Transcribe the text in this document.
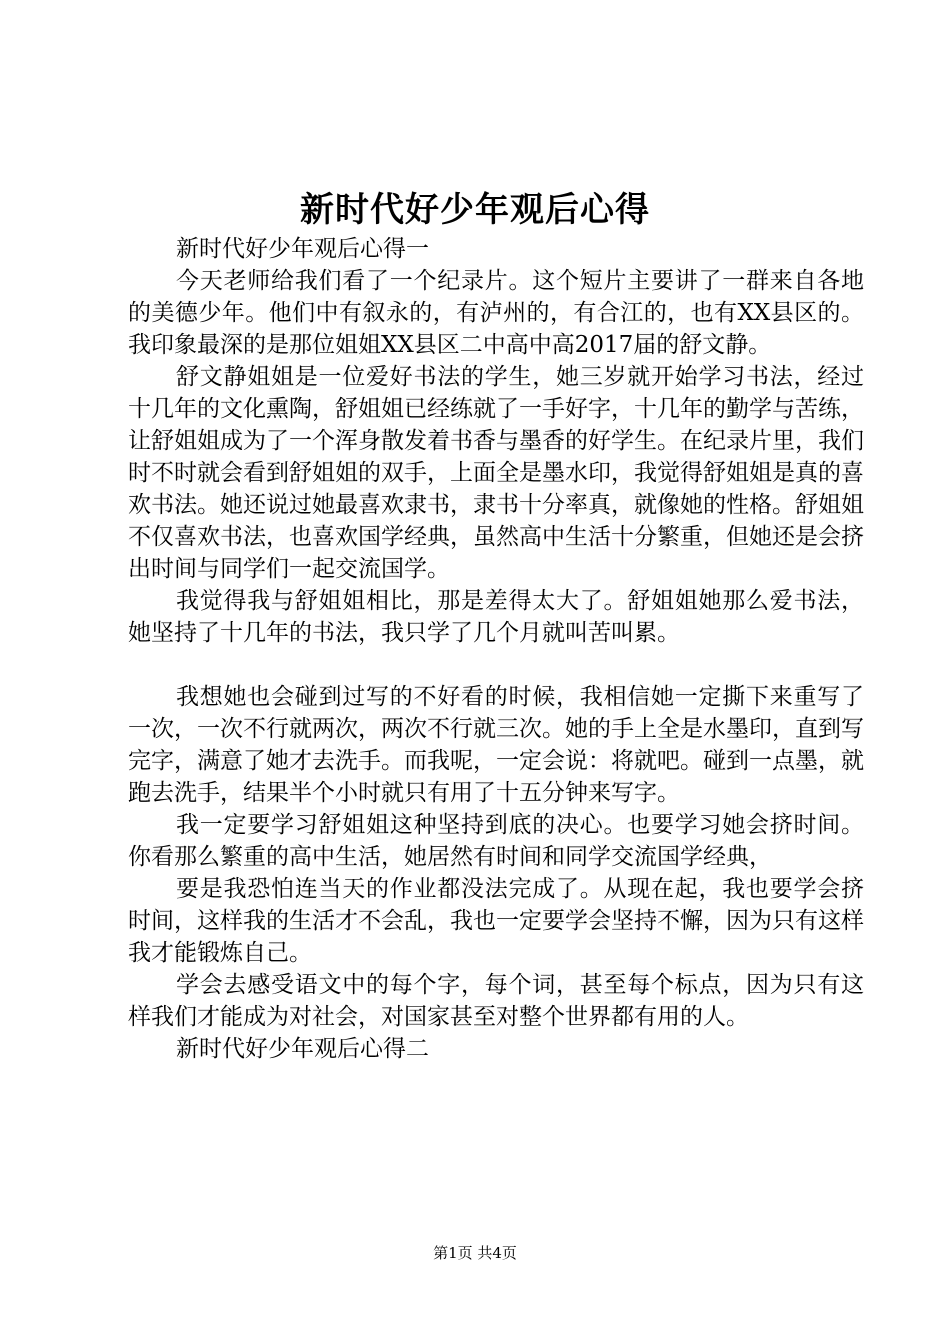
新时代好少年观后心得

新时代好少年观后心得一

今天老师给我们看了一个纪录片。这个短片主要讲了一群来自各地的美德少年。他们中有叙永的，有泸州的，有合江的，也有XX县区的。我印象最深的是那位姐姐XX县区二中高中高2017届的舒文静。

舒文静姐姐是一位爱好书法的学生，她三岁就开始学习书法，经过十几年的文化熏陶，舒姐姐已经练就了一手好字，十几年的勤学与苦练，让舒姐姐成为了一个浑身散发着书香与墨香的好学生。在纪录片里，我们时不时就会看到舒姐姐的双手，上面全是墨水印，我觉得舒姐姐是真的喜欢书法。她还说过她最喜欢隶书，隶书十分率真，就像她的性格。舒姐姐不仅喜欢书法，也喜欢国学经典，虽然高中生活十分繁重，但她还是会挤出时间与同学们一起交流国学。

我觉得我与舒姐姐相比，那是差得太大了。舒姐姐她那么爱书法，她坚持了十几年的书法，我只学了几个月就叫苦叫累。

我想她也会碰到过写的不好看的时候，我相信她一定撕下来重写了一次，一次不行就两次，两次不行就三次。她的手上全是水墨印，直到写完字，满意了她才去洗手。而我呢，一定会说：将就吧。碰到一点墨，就跑去洗手，结果半个小时就只有用了十五分钟来写字。

我一定要学习舒姐姐这种坚持到底的决心。也要学习她会挤时间。你看那么繁重的高中生活，她居然有时间和同学交流国学经典，

要是我恐怕连当天的作业都没法完成了。从现在起，我也要学会挤时间，这样我的生活才不会乱，我也一定要学会坚持不懈，因为只有这样我才能锻炼自己。

学会去感受语文中的每个字，每个词，甚至每个标点，因为只有这样我们才能成为对社会，对国家甚至对整个世界都有用的人。

新时代好少年观后心得二

第1页 共4页
